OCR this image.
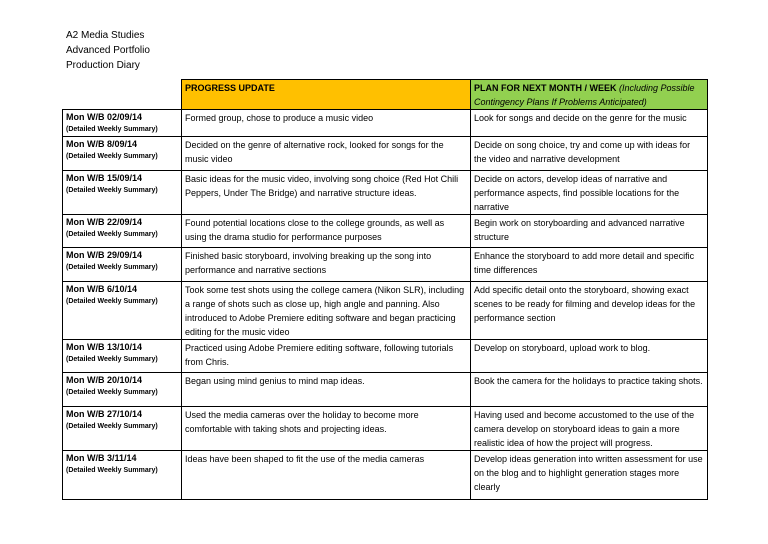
A2 Media Studies
Advanced Portfolio
Production Diary
	PROGRESS UPDATE	PLAN FOR NEXT MONTH / WEEK (Including Possible Contingency Plans If Problems Anticipated)

Mon W/B 02/09/14
(Detailed Weekly Summary)	Formed group, chose to produce a music video	Look for songs and decide on the genre for the music

Mon W/B 8/09/14
(Detailed Weekly Summary)	Decided on the genre of alternative rock, looked for songs for the music video	Decide on song choice, try and come up with ideas for the video and narrative development

Mon W/B 15/09/14
(Detailed Weekly Summary)	Basic ideas for the music video, involving song choice (Red Hot Chili Peppers, Under The Bridge) and narrative structure ideas.	Decide on actors, develop ideas of narrative and performance aspects, find possible locations for the narrative

Mon W/B 22/09/14
(Detailed Weekly Summary)	Found potential locations close to the college grounds, as well as using the drama studio for performance purposes	Begin work on storyboarding and advanced narrative structure

Mon W/B 29/09/14
(Detailed Weekly Summary)	Finished basic storyboard, involving breaking up the song into performance and narrative sections	Enhance the storyboard to add more detail and specific time differences

Mon W/B 6/10/14
(Detailed Weekly Summary)	Took some test shots using the college camera (Nikon SLR), including a range of shots such as close up, high angle and panning. Also introduced to Adobe Premiere editing software and began practicing editing for the music video	Add specific detail onto the storyboard, showing exact scenes to be ready for filming and develop ideas for the performance section

Mon W/B 13/10/14
(Detailed Weekly Summary)	Practiced using Adobe Premiere editing software, following tutorials from Chris.	Develop on storyboard, upload work to blog.

Mon W/B 20/10/14
(Detailed Weekly Summary)	Began using mind genius to mind map ideas.	Book the camera for the holidays to practice taking shots.

Mon W/B 27/10/14
(Detailed Weekly Summary)	Used the media cameras over the holiday to become more comfortable with taking shots and projecting ideas.	Having used and become accustomed to the use of the camera develop on storyboard ideas to gain a more realistic idea of how the project will progress.

Mon W/B 3/11/14
(Detailed Weekly Summary)	Ideas have been shaped to fit the use of the media cameras	Develop ideas generation into written assessment for use on the blog and to highlight generation stages more clearly
